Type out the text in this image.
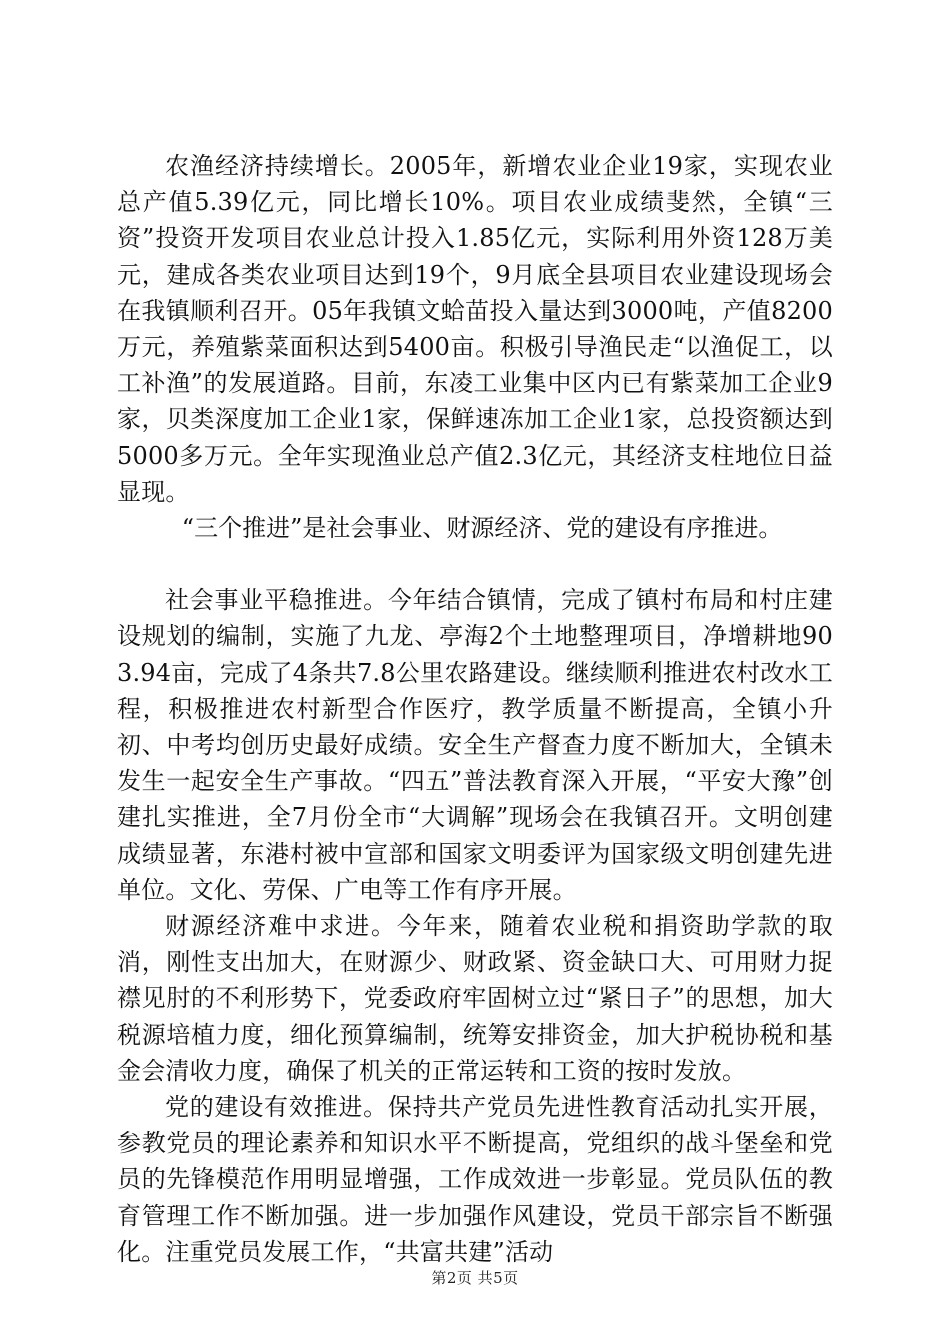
农渔经济持续增长。2005年，新增农业企业19家，实现农业总产值5.39亿元，同比增长10%。项目农业成绩斐然，全镇“三资”投资开发项目农业总计投入1.85亿元，实际利用外资128万美元，建成各类农业项目达到19个，9月底全县项目农业建设现场会在我镇顺利召开。05年我镇文蛤苗投入量达到3000吨，产值8200万元，养殖紫菜面积达到5400亩。积极引导渔民走“以渔促工，以工补渔”的发展道路。目前，东凌工业集中区内已有紫菜加工企业9家，贝类深度加工企业1家，保鲜速冻加工企业1家，总投资额达到5000多万元。全年实现渔业总产值2.3亿元，其经济支柱地位日益显现。

“三个推进”是社会事业、财源经济、党的建设有序推进。

社会事业平稳推进。今年结合镇情，完成了镇村布局和村庄建设规划的编制，实施了九龙、亭海2个土地整理项目，净增耕地903.94亩，完成了4条共7.8公里农路建设。继续顺利推进农村改水工程，积极推进农村新型合作医疗，教学质量不断提高，全镇小升初、中考均创历史最好成绩。安全生产督查力度不断加大，全镇未发生一起安全生产事故。“四五”普法教育深入开展，“平安大豫”创建扎实推进，全7月份全市“大调解”现场会在我镇召开。文明创建成绩显著，东港村被中宣部和国家文明委评为国家级文明创建先进单位。文化、劳保、广电等工作有序开展。

财源经济难中求进。今年来，随着农业税和捐资助学款的取消，刚性支出加大，在财源少、财政紧、资金缺口大、可用财力捉襟见肘的不利形势下，党委政府牢固树立过“紧日子”的思想，加大税源培植力度，细化预算编制，统筹安排资金，加大护税协税和基金会清收力度，确保了机关的正常运转和工资的按时发放。

党的建设有效推进。保持共产党员先进性教育活动扎实开展，参教党员的理论素养和知识水平不断提高，党组织的战斗堡垒和党员的先锋模范作用明显增强，工作成效进一步彰显。党员队伍的教育管理工作不断加强。进一步加强作风建设，党员干部宗旨不断强化。注重党员发展工作，“共富共建”活动

第2页 共5页
